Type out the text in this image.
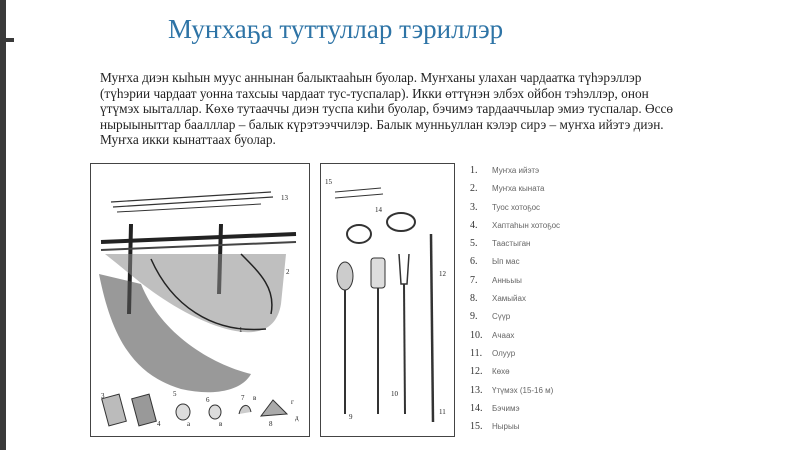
Муҥхаҕа туттуллар тэриллэр
Муҥха диэн кыһын муус аннынан балыктааһын буолар. Муҥханы улахан чардаатка түһэрэллэр
(түһэрии чардаат уонна тахсыы чардаат тус-туспалар). Икки өттүнэн элбэх ойбон тэһэллэр, онон
үтүмэх ыыталлар. Көхө тутааччы диэн туспа киһи буолар, бэчимэ тардааччылар эмиэ туспалар. Өссө
нырыыныттар баалллар – балык күрэтээччилэр. Балык мунньуллан кэлэр сирэ – муҥха ийэтэ диэн.
Муҥха икки кынаттаах буолар.
13
2
1
3
4
5
а
6
в
7 в
8
г
д
15
14
9
10
11
12
1. Муҥха ийэтэ
2. Муҥха кыната
3. Туос хотоҕос
4. Хаптаһын хотоҕос
5. Таастыган
6. Ып мас
7. Анньыы
8. Хамыйах
9. Сүүр
10. Ачаах
11. Олуур
12. Көхө
13. Үтүмэх (15-16 м)
14. Бэчимэ
15. Нырыы
